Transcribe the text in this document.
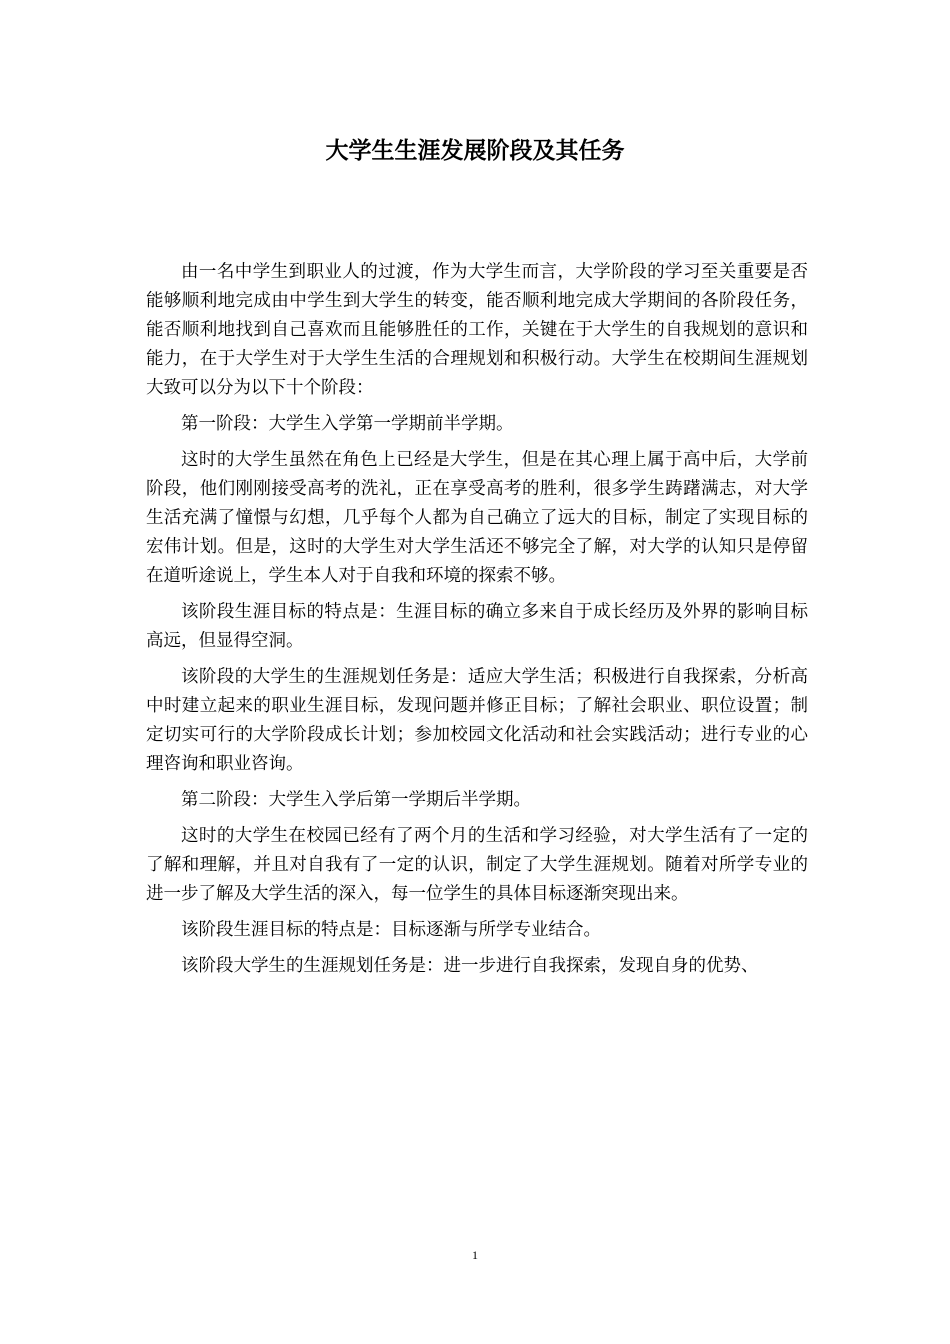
大学生生涯发展阶段及其任务

由一名中学生到职业人的过渡，作为大学生而言，大学阶段的学习至关重要是否能够顺利地完成由中学生到大学生的转变，能否顺利地完成大学期间的各阶段任务，能否顺利地找到自己喜欢而且能够胜任的工作，关键在于大学生的自我规划的意识和能力，在于大学生对于大学生生活的合理规划和积极行动。大学生在校期间生涯规划大致可以分为以下十个阶段：

第一阶段：大学生入学第一学期前半学期。

这时的大学生虽然在角色上已经是大学生，但是在其心理上属于高中后，大学前阶段，他们刚刚接受高考的洗礼，正在享受高考的胜利，很多学生踌躇满志，对大学生活充满了憧憬与幻想，几乎每个人都为自己确立了远大的目标，制定了实现目标的宏伟计划。但是，这时的大学生对大学生活还不够完全了解，对大学的认知只是停留在道听途说上，学生本人对于自我和环境的探索不够。

该阶段生涯目标的特点是：生涯目标的确立多来自于成长经历及外界的影响目标高远，但显得空洞。

该阶段的大学生的生涯规划任务是：适应大学生活；积极进行自我探索，分析高中时建立起来的职业生涯目标，发现问题并修正目标；了解社会职业、职位设置；制定切实可行的大学阶段成长计划；参加校园文化活动和社会实践活动；进行专业的心理咨询和职业咨询。

第二阶段：大学生入学后第一学期后半学期。

这时的大学生在校园已经有了两个月的生活和学习经验，对大学生活有了一定的了解和理解，并且对自我有了一定的认识，制定了大学生涯规划。随着对所学专业的进一步了解及大学生活的深入，每一位学生的具体目标逐渐突现出来。

该阶段生涯目标的特点是：目标逐渐与所学专业结合。

该阶段大学生的生涯规划任务是：进一步进行自我探索，发现自身的优势、

1
